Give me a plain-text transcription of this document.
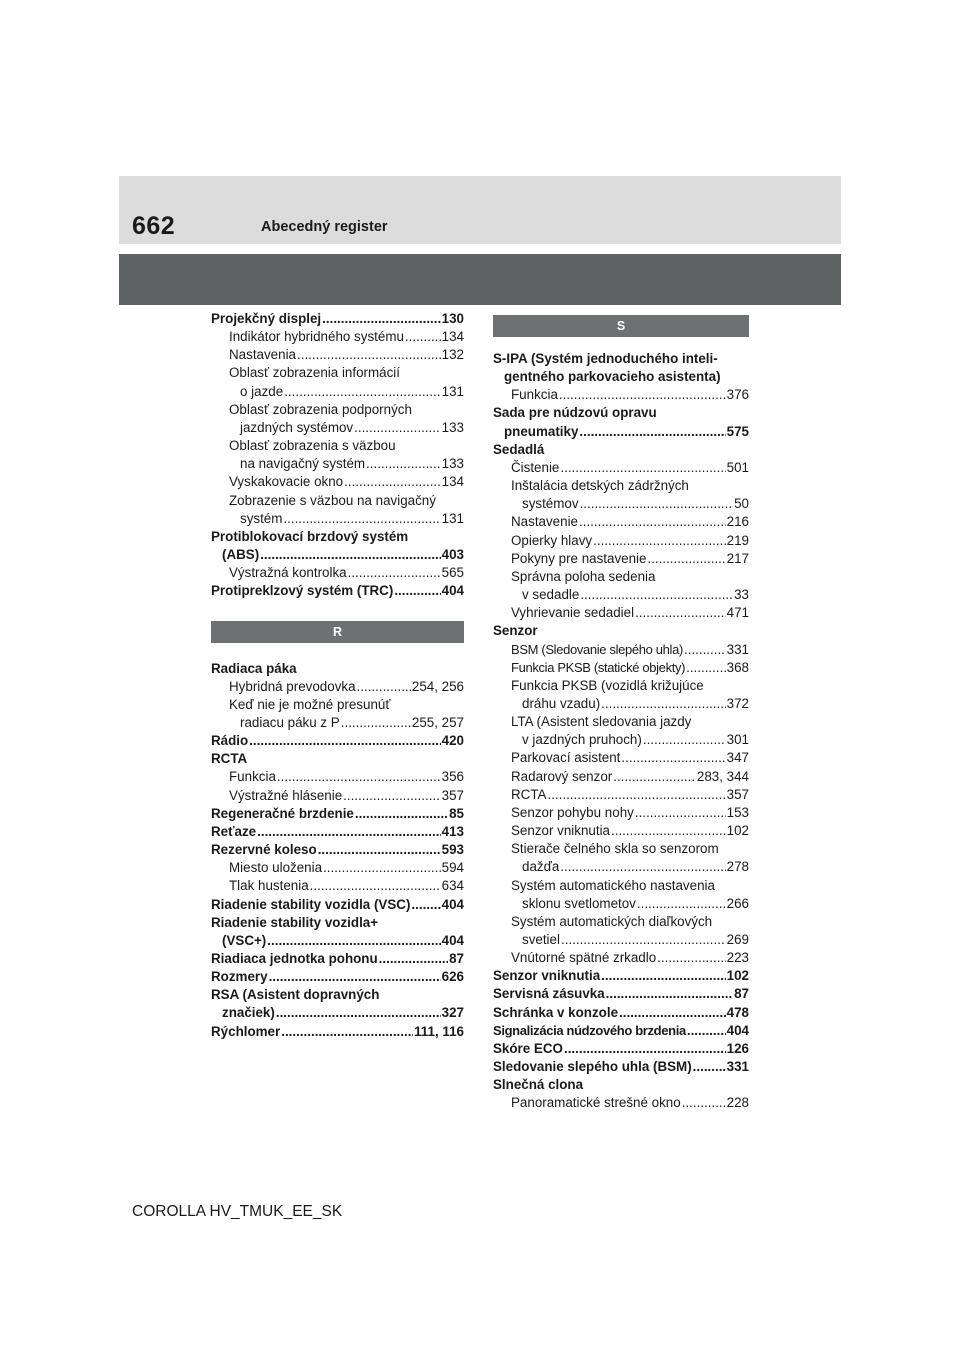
662	Abecedný register
Projekčný displej .....	130
Indikátor hybridného systému .....	134
Nastavenia .....	132
Oblasť zobrazenia informácií
o jazde .....	131
Oblasť zobrazenia podporných
jazdných systémov .....	133
Oblasť zobrazenia s väzbou
na navigačný systém .....	133
Vyskakovacie okno .....	134
Zobrazenie s väzbou na navigačný
systém .....	131
Protiblokovací brzdový systém
(ABS) .....	403
Výstražná kontrolka .....	565
Protipreklzový systém (TRC) .....	404
R
Radiaca páka
Hybridná prevodovka .....	254, 256
Keď nie je možné presunúť
radiacu páku z P .....	255, 257
Rádio .....	420
RCTA
Funkcia .....	356
Výstražné hlásenie .....	357
Regeneračné brzdenie .....	85
Reťaze .....	413
Rezervné koleso .....	593
Miesto uloženia .....	594
Tlak hustenia .....	634
Riadenie stability vozidla (VSC) ..... 404
Riadenie stability vozidla+
(VSC+) .....	404
Riadiaca jednotka pohonu .....	87
Rozmery .....	626
RSA (Asistent dopravných
značiek) .....	327
Rýchlomer .....	111, 116
S
S-IPA (Systém jednoduchého inteli-
gentného parkovacieho asistenta)
Funkcia .....	376
Sada pre núdzovú opravu
pneumatiky .....	575
Sedadlá
Čistenie .....	501
Inštalácia detských zádržných
systémov .....	50
Nastavenie .....	216
Opierky hlavy .....	219
Pokyny pre nastavenie .....	217
Správna poloha sedenia
v sedadle .....	33
Vyhrievanie sedadiel .....	471
Senzor
BSM (Sledovanie slepého uhla) .....	331
Funkcia PKSB (statické objekty) .....	368
Funkcia PKSB (vozidlá križujúce
dráhu vzadu) .....	372
LTA (Asistent sledovania jazdy
v jazdných pruhoch) .....	301
Parkovací asistent .....	347
Radarový senzor .....	283, 344
RCTA .....	357
Senzor pohybu nohy .....	153
Senzor vniknutia .....	102
Stierače čelného skla so senzorom
dažďa .....	278
Systém automatického nastavenia
sklonu svetlometov .....	266
Systém automatických diaľkových
svetiel .....	269
Vnútorné spätné zrkadlo .....	223
Senzor vniknutia .....	102
Servisná zásuvka .....	87
Schránka v konzole .....	478
Signalizácia núdzového brzdenia .....	404
Skóre ECO .....	126
Sledovanie slepého uhla (BSM) .....	331
Slnečná clona
Panoramatické strešné okno .....	228
COROLLA HV_TMUK_EE_SK
